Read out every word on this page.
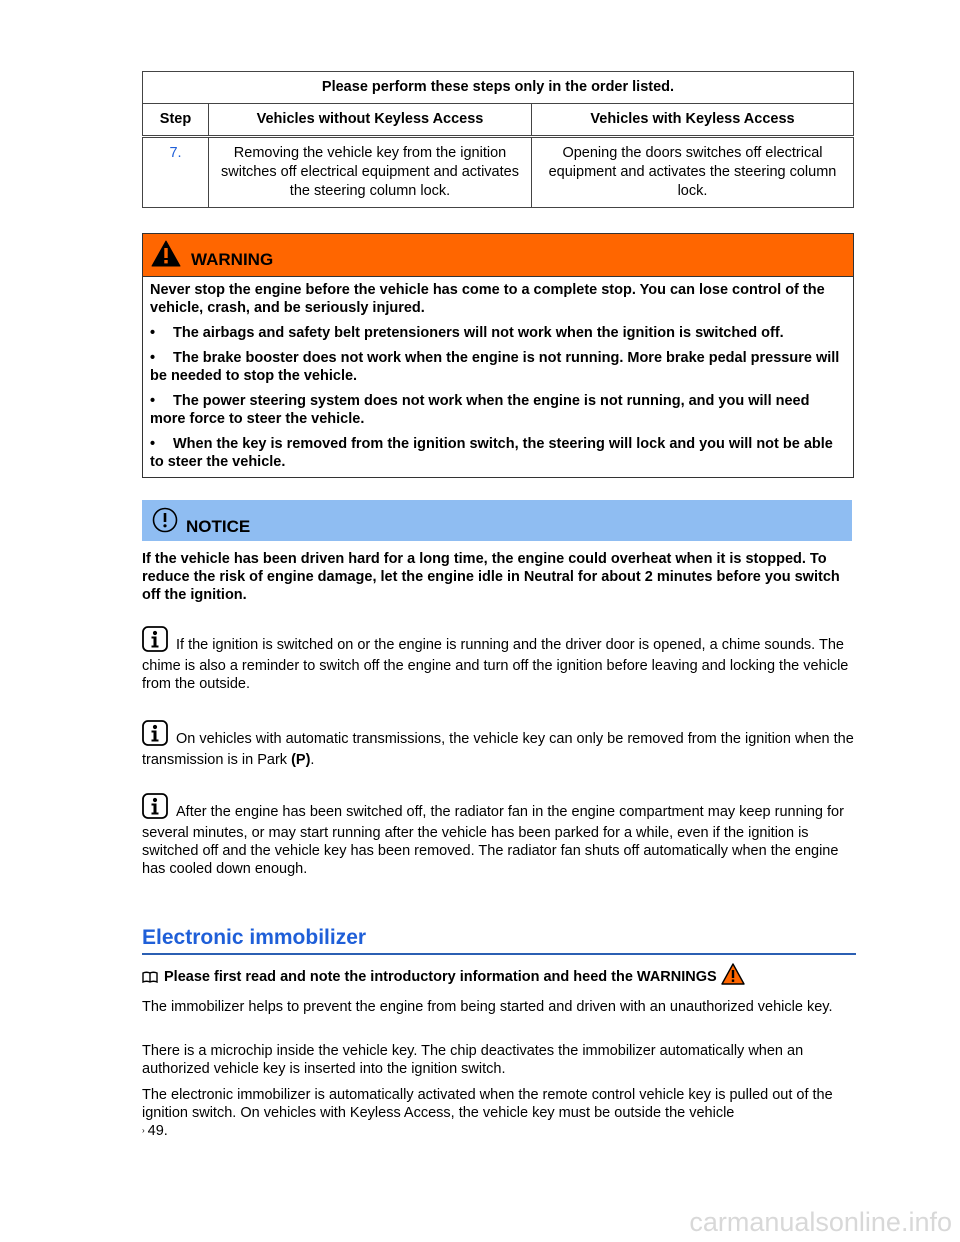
Please perform these steps only in the order listed.		
Step	Vehicles without Keyless Access	Vehicles with Keyless Access
7.	Removing the vehicle key from the ignition switches off electrical equipment and activates the steering column lock.	Opening the doors switches off electrical equipment and activates the steering column lock.
WARNING

Never stop the engine before the vehicle has come to a complete stop. You can lose control of the vehicle, crash, and be seriously injured.

• The airbags and safety belt pretensioners will not work when the ignition is switched off.

• The brake booster does not work when the engine is not running. More brake pedal pressure will be needed to stop the vehicle.

• The power steering system does not work when the engine is not running, and you will need more force to steer the vehicle.

• When the key is removed from the ignition switch, the steering will lock and you will not be able to steer the vehicle.

NOTICE

If the vehicle has been driven hard for a long time, the engine could overheat when it is stopped. To reduce the risk of engine damage, let the engine idle in Neutral for about 2 minutes before you switch off the ignition.

If the ignition is switched on or the engine is running and the driver door is opened, a chime sounds. The chime is also a reminder to switch off the engine and turn off the ignition before leaving and locking the vehicle from the outside.

On vehicles with automatic transmissions, the vehicle key can only be removed from the ignition when the transmission is in Park (P).

After the engine has been switched off, the radiator fan in the engine compartment may keep running for several minutes, or may start running after the vehicle has been parked for a while, even if the ignition is switched off and the vehicle key has been removed. The radiator fan shuts off automatically when the engine has cooled down enough.

Electronic immobilizer

Please first read and note the introductory information and heed the WARNINGS

The immobilizer helps to prevent the engine from being started and driven with an unauthorized vehicle key.

There is a microchip inside the vehicle key. The chip deactivates the immobilizer automatically when an authorized vehicle key is inserted into the ignition switch.

The electronic immobilizer is automatically activated when the remote control vehicle key is pulled out of the ignition switch. On vehicles with Keyless Access, the vehicle key must be outside the vehicle
› 49.

carmanualsonline.info
